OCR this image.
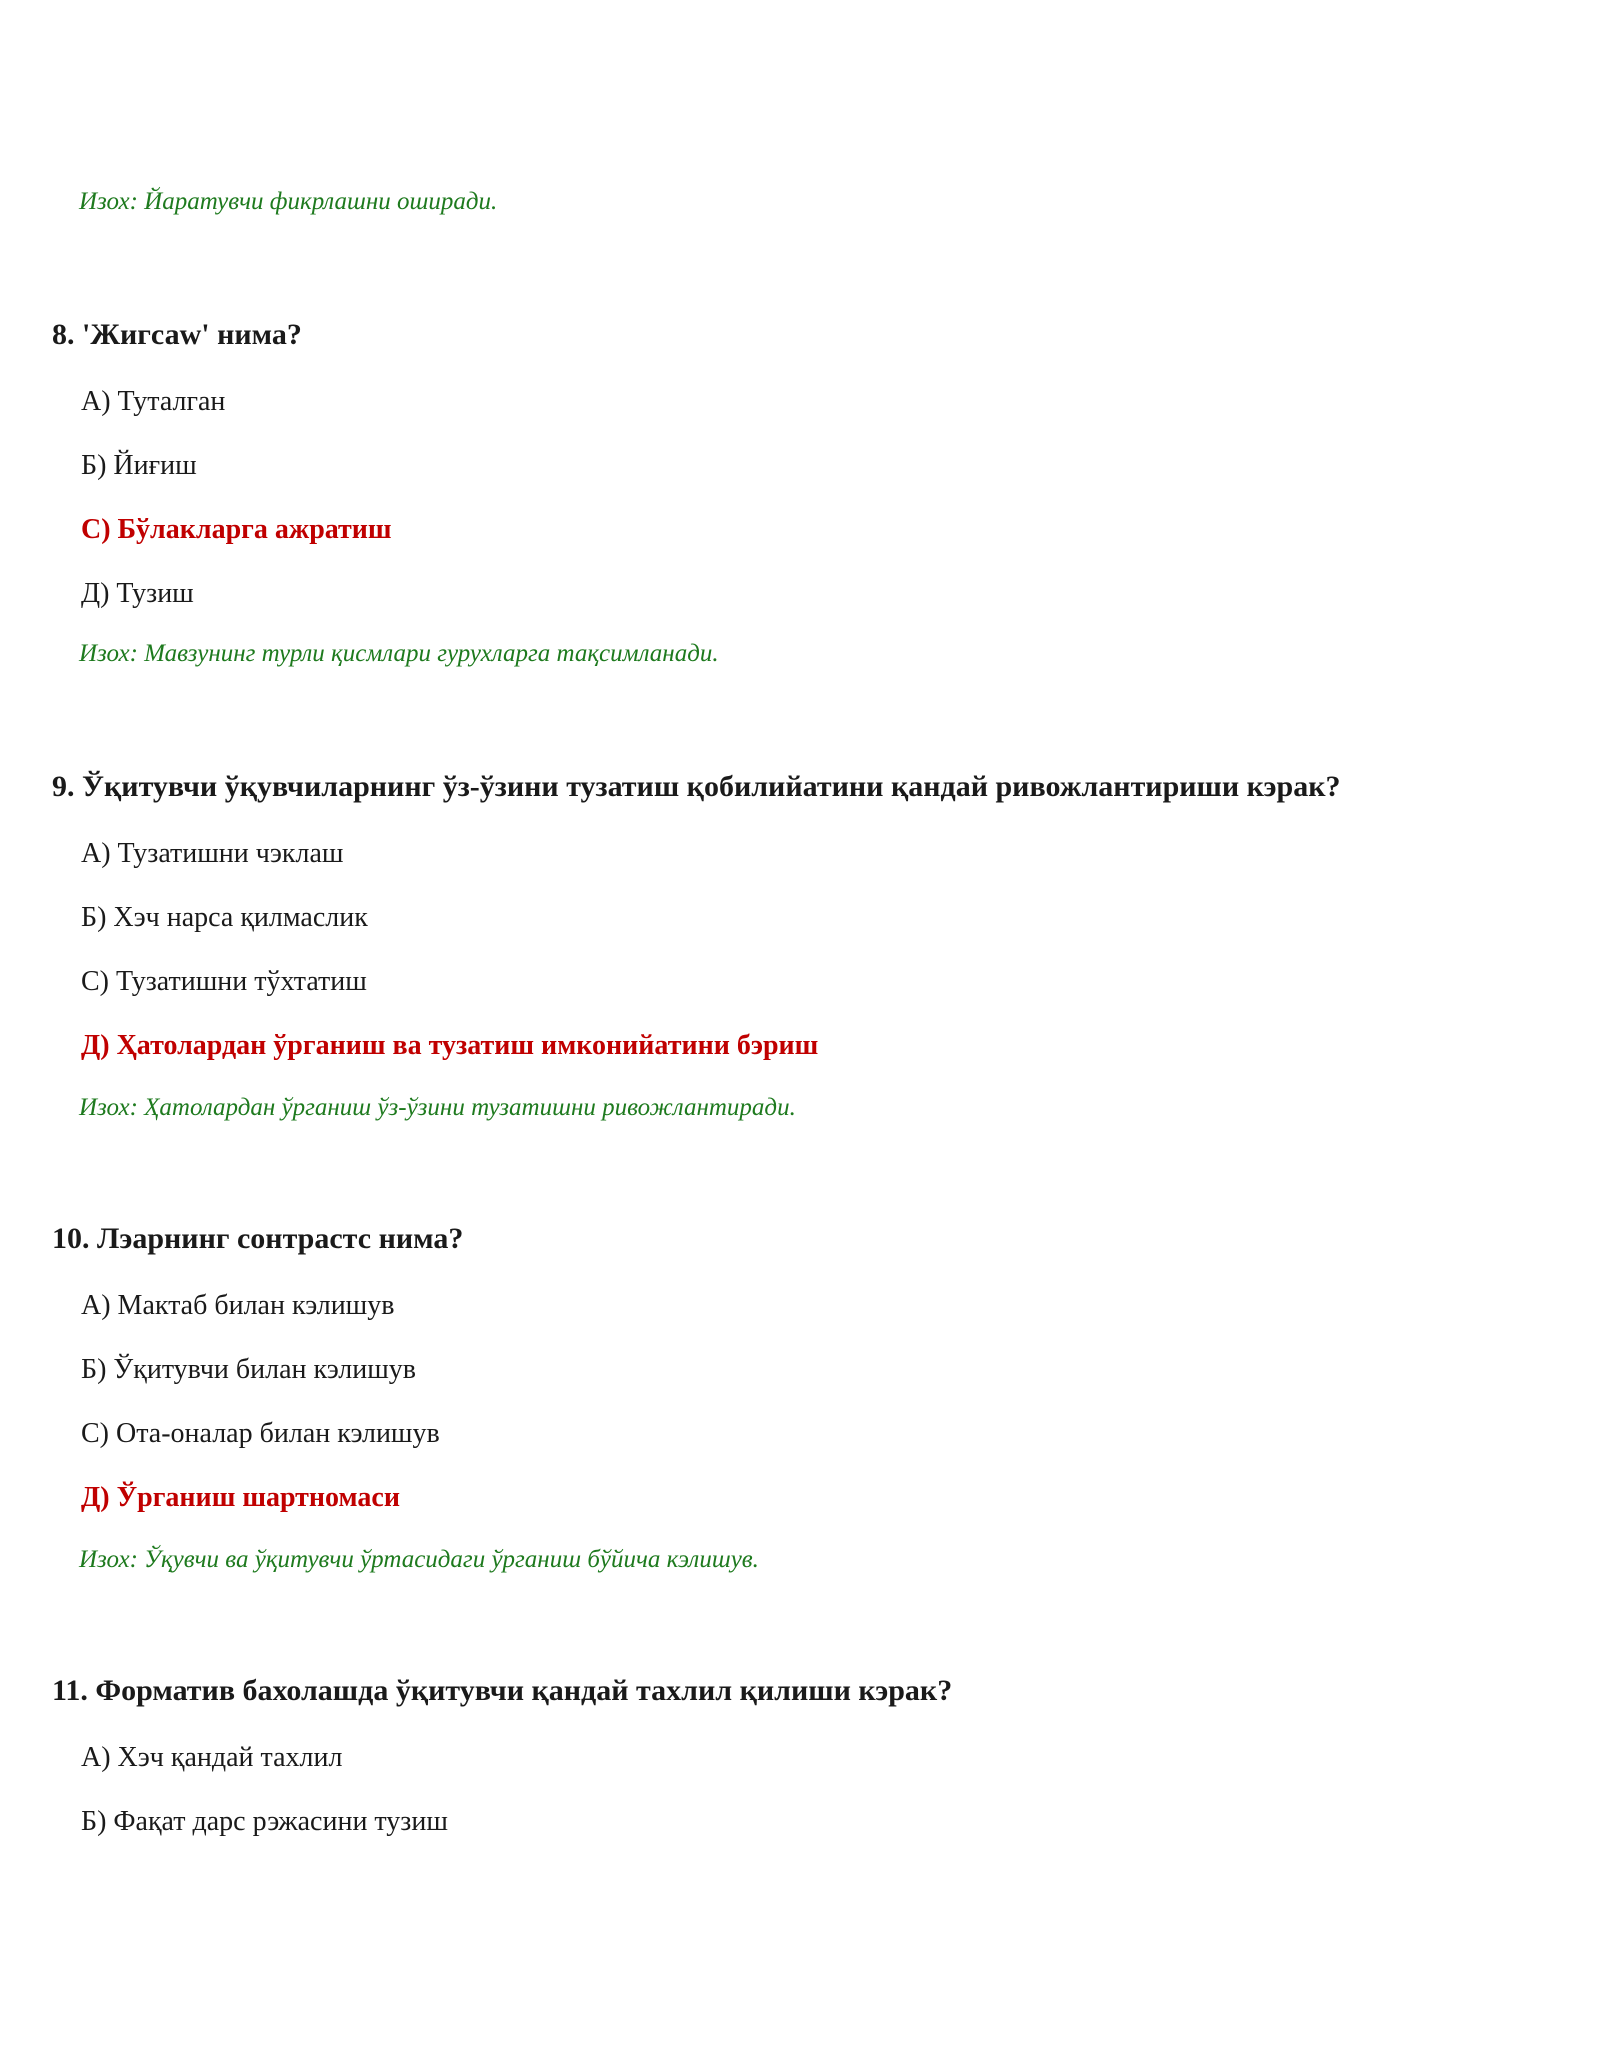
Изох: Йаратувчи фикрлашни оширади.
8. 'Жигсаw' нима?
А) Туталган
Б) Йиғиш
С) Бўлакларга ажратиш
Д) Тузиш
Изох: Мавзунинг турли қисмлари гурухларга тақсимланади.
9. Ўқитувчи ўқувчиларнинг ўз-ўзини тузатиш қобилийатини қандай ривожлантириши кэрак?
А) Тузатишни чэклаш
Б) Хэч нарса қилмаслик
С) Тузатишни тўхтатиш
Д) Ҳатолардан ўрганиш ва тузатиш имконийатини бэриш
Изох: Ҳатолардан ўрганиш ўз-ўзини тузатишни ривожлантиради.
10. Лэарнинг сонтрастс нима?
А) Мактаб билан кэлишув
Б) Ўқитувчи билан кэлишув
С) Ота-оналар билан кэлишув
Д) Ўрганиш шартномаси
Изох: Ўқувчи ва ўқитувчи ўртасидаги ўрганиш бўйича кэлишув.
11. Форматив бахолашда ўқитувчи қандай тахлил қилиши кэрак?
А) Хэч қандай тахлил
Б) Фақат дарс рэжасини тузиш
